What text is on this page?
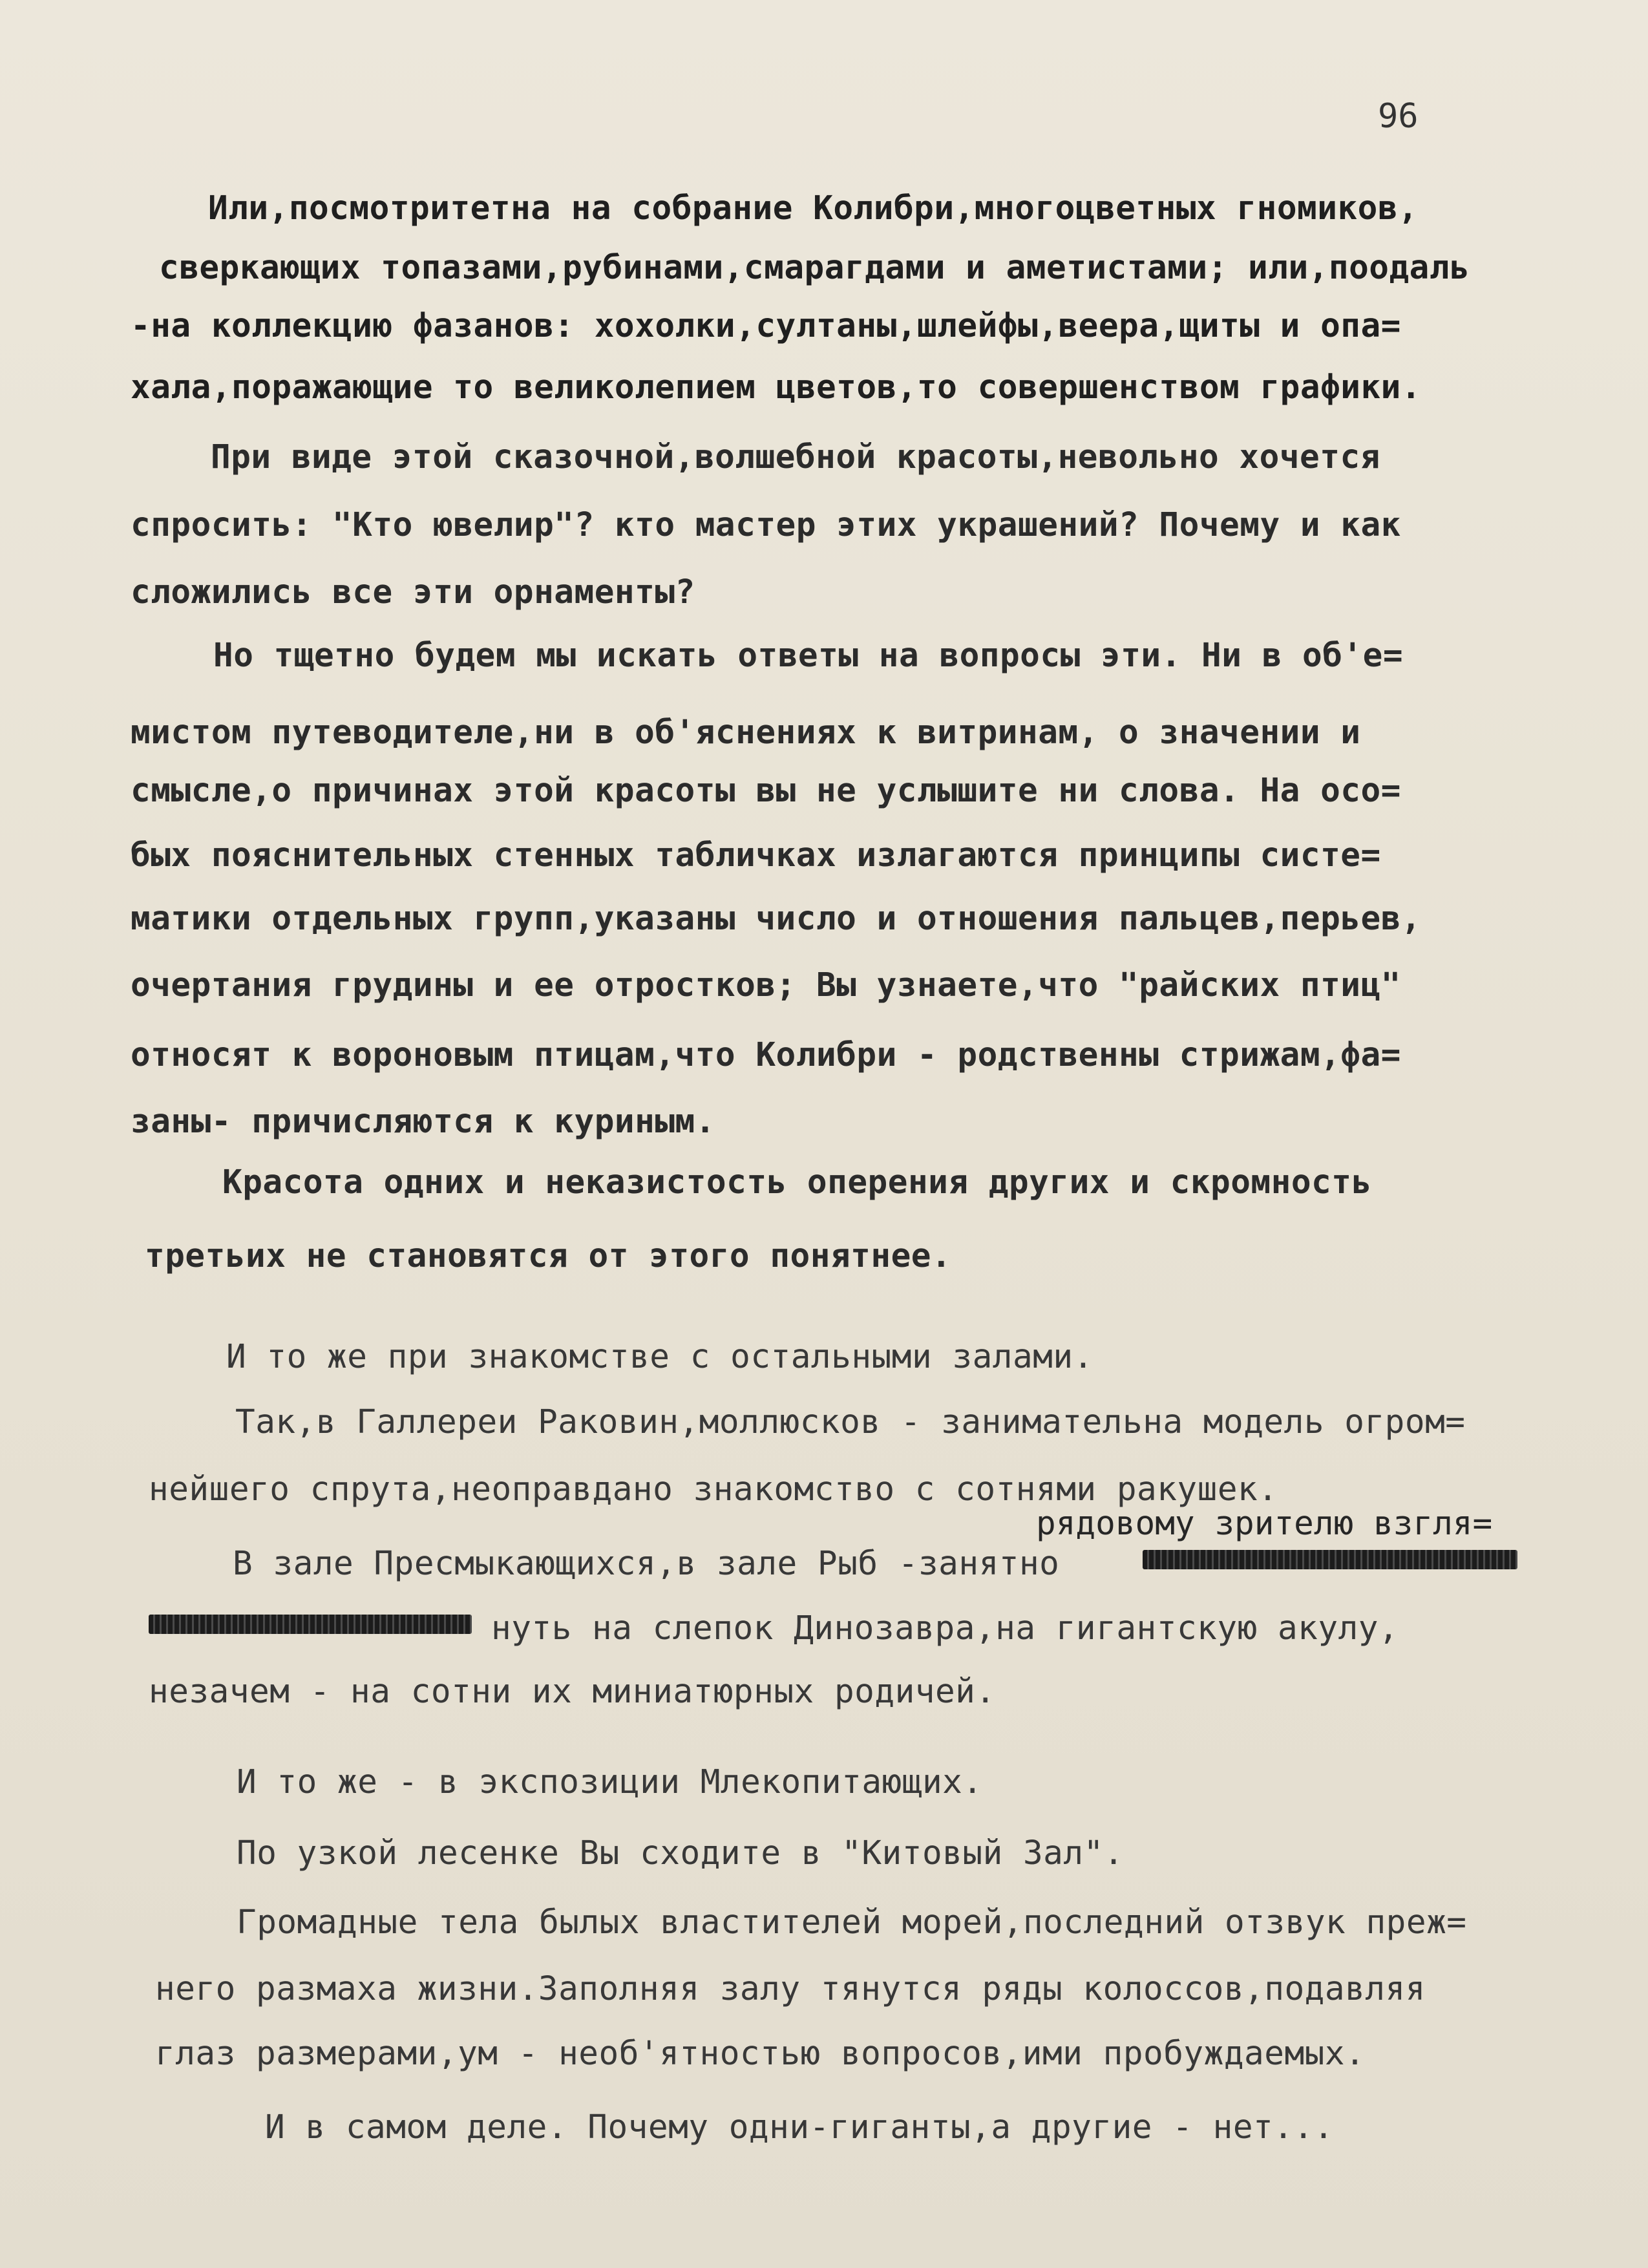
96
Или,посмотритетна на собрание Колибри,многоцветных гномиков,
сверкающих топазами,рубинами,смарагдами и аметистами; или,поодаль
-на коллекцию фазанов: хохолки,султаны,шлейфы,веера,щиты и опа=
хала,поражающие то великолепием цветов,то совершенством графики.
При виде этой сказочной,волшебной красоты,невольно хочется
спросить: "Кто ювелир"? кто мастер этих украшений? Почему и как
сложились все эти орнаменты?
Но тщетно будем мы искать ответы на вопросы эти. Ни в об'е=
мистом путеводителе,ни в об'яснениях к витринам, о значении и
смысле,о причинах этой красоты вы не услышите ни слова. На осо=
бых пояснительных стенных табличках излагаются принципы систе=
матики отдельных групп,указаны число и отношения пальцев,перьев,
очертания грудины и ее отростков; Вы узнаете,что "райских птиц"
относят к вороновым птицам,что Колибри - родственны стрижам,фа=
заны- причисляются к куриным.
Красота одних и неказистость оперения других и скромность
третьих не становятся от этого понятнее.
И то же при знакомстве с остальными залами.
Так,в Галлереи Раковин,моллюсков - занимательна модель огром=
нейшего спрута,неоправдано знакомство с сотнями ракушек.
рядовому зрителю взгля=
В зале Пресмыкающихся,в зале Рыб -занятно
нуть на слепок Динозавра,на гигантскую акулу,
незачем - на сотни их миниатюрных родичей.
И то же - в экспозиции Млекопитающих.
По узкой лесенке Вы сходите в "Китовый Зал".
Громадные тела былых властителей морей,последний отзвук преж=
него размаха жизни.Заполняя залу тянутся ряды колоссов,подавляя
глаз размерами,ум - необ'ятностью вопросов,ими пробуждаемых.
И в самом деле. Почему одни-гиганты,а другие - нет...
